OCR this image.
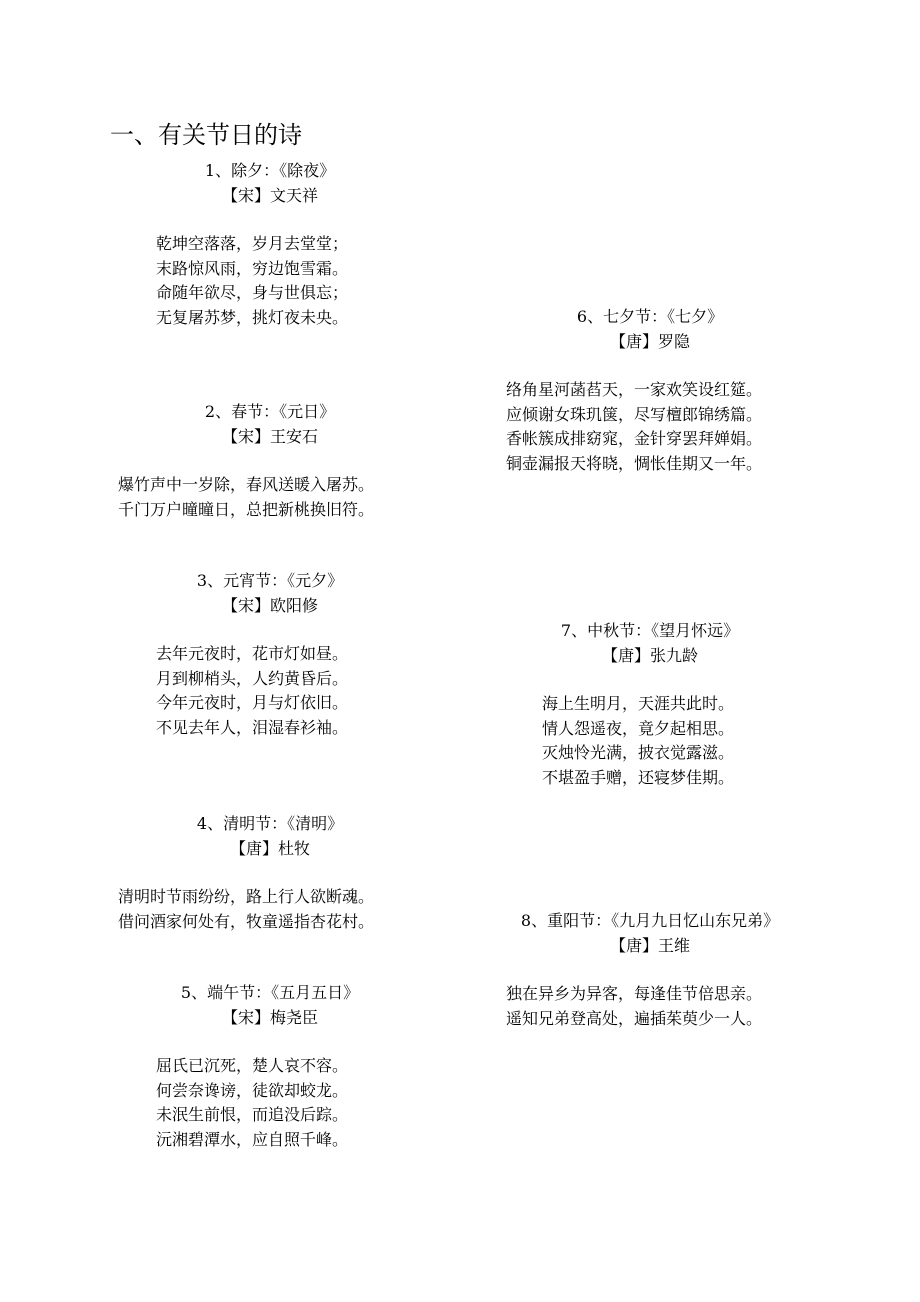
一、有关节日的诗
1、除夕：《除夜》
【宋】文天祥
乾坤空落落，岁月去堂堂；
末路惊风雨，穷边饱雪霜。
命随年欲尽，身与世俱忘；
无复屠苏梦，挑灯夜未央。
2、春节：《元日》
【宋】王安石
爆竹声中一岁除，春风送暖入屠苏。
千门万户曈曈日，总把新桃换旧符。
3、元宵节：《元夕》
【宋】欧阳修
去年元夜时，花市灯如昼。
月到柳梢头，人约黄昏后。
今年元夜时，月与灯依旧。
不见去年人，泪湿春衫袖。
4、清明节：《清明》
【唐】杜牧
清明时节雨纷纷，路上行人欲断魂。
借问酒家何处有，牧童遥指杏花村。
5、端午节：《五月五日》
【宋】梅尧臣
屈氏已沉死，楚人哀不容。
何尝奈谗谤，徒欲却蛟龙。
未泯生前恨，而追没后踪。
沅湘碧潭水，应自照千峰。
6、七夕节：《七夕》
【唐】罗隐
络角星河菡萏天，一家欢笑设红筵。
应倾谢女珠玑箧，尽写檀郎锦绣篇。
香帐簇成排窈窕，金针穿罢拜婵娟。
铜壶漏报天将晓，惆怅佳期又一年。
7、中秋节：《望月怀远》
【唐】张九龄
海上生明月，天涯共此时。
情人怨遥夜，竟夕起相思。
灭烛怜光满，披衣觉露滋。
不堪盈手赠，还寝梦佳期。
8、重阳节：《九月九日忆山东兄弟》
【唐】王维
独在异乡为异客，每逢佳节倍思亲。
遥知兄弟登高处，遍插茱萸少一人。
